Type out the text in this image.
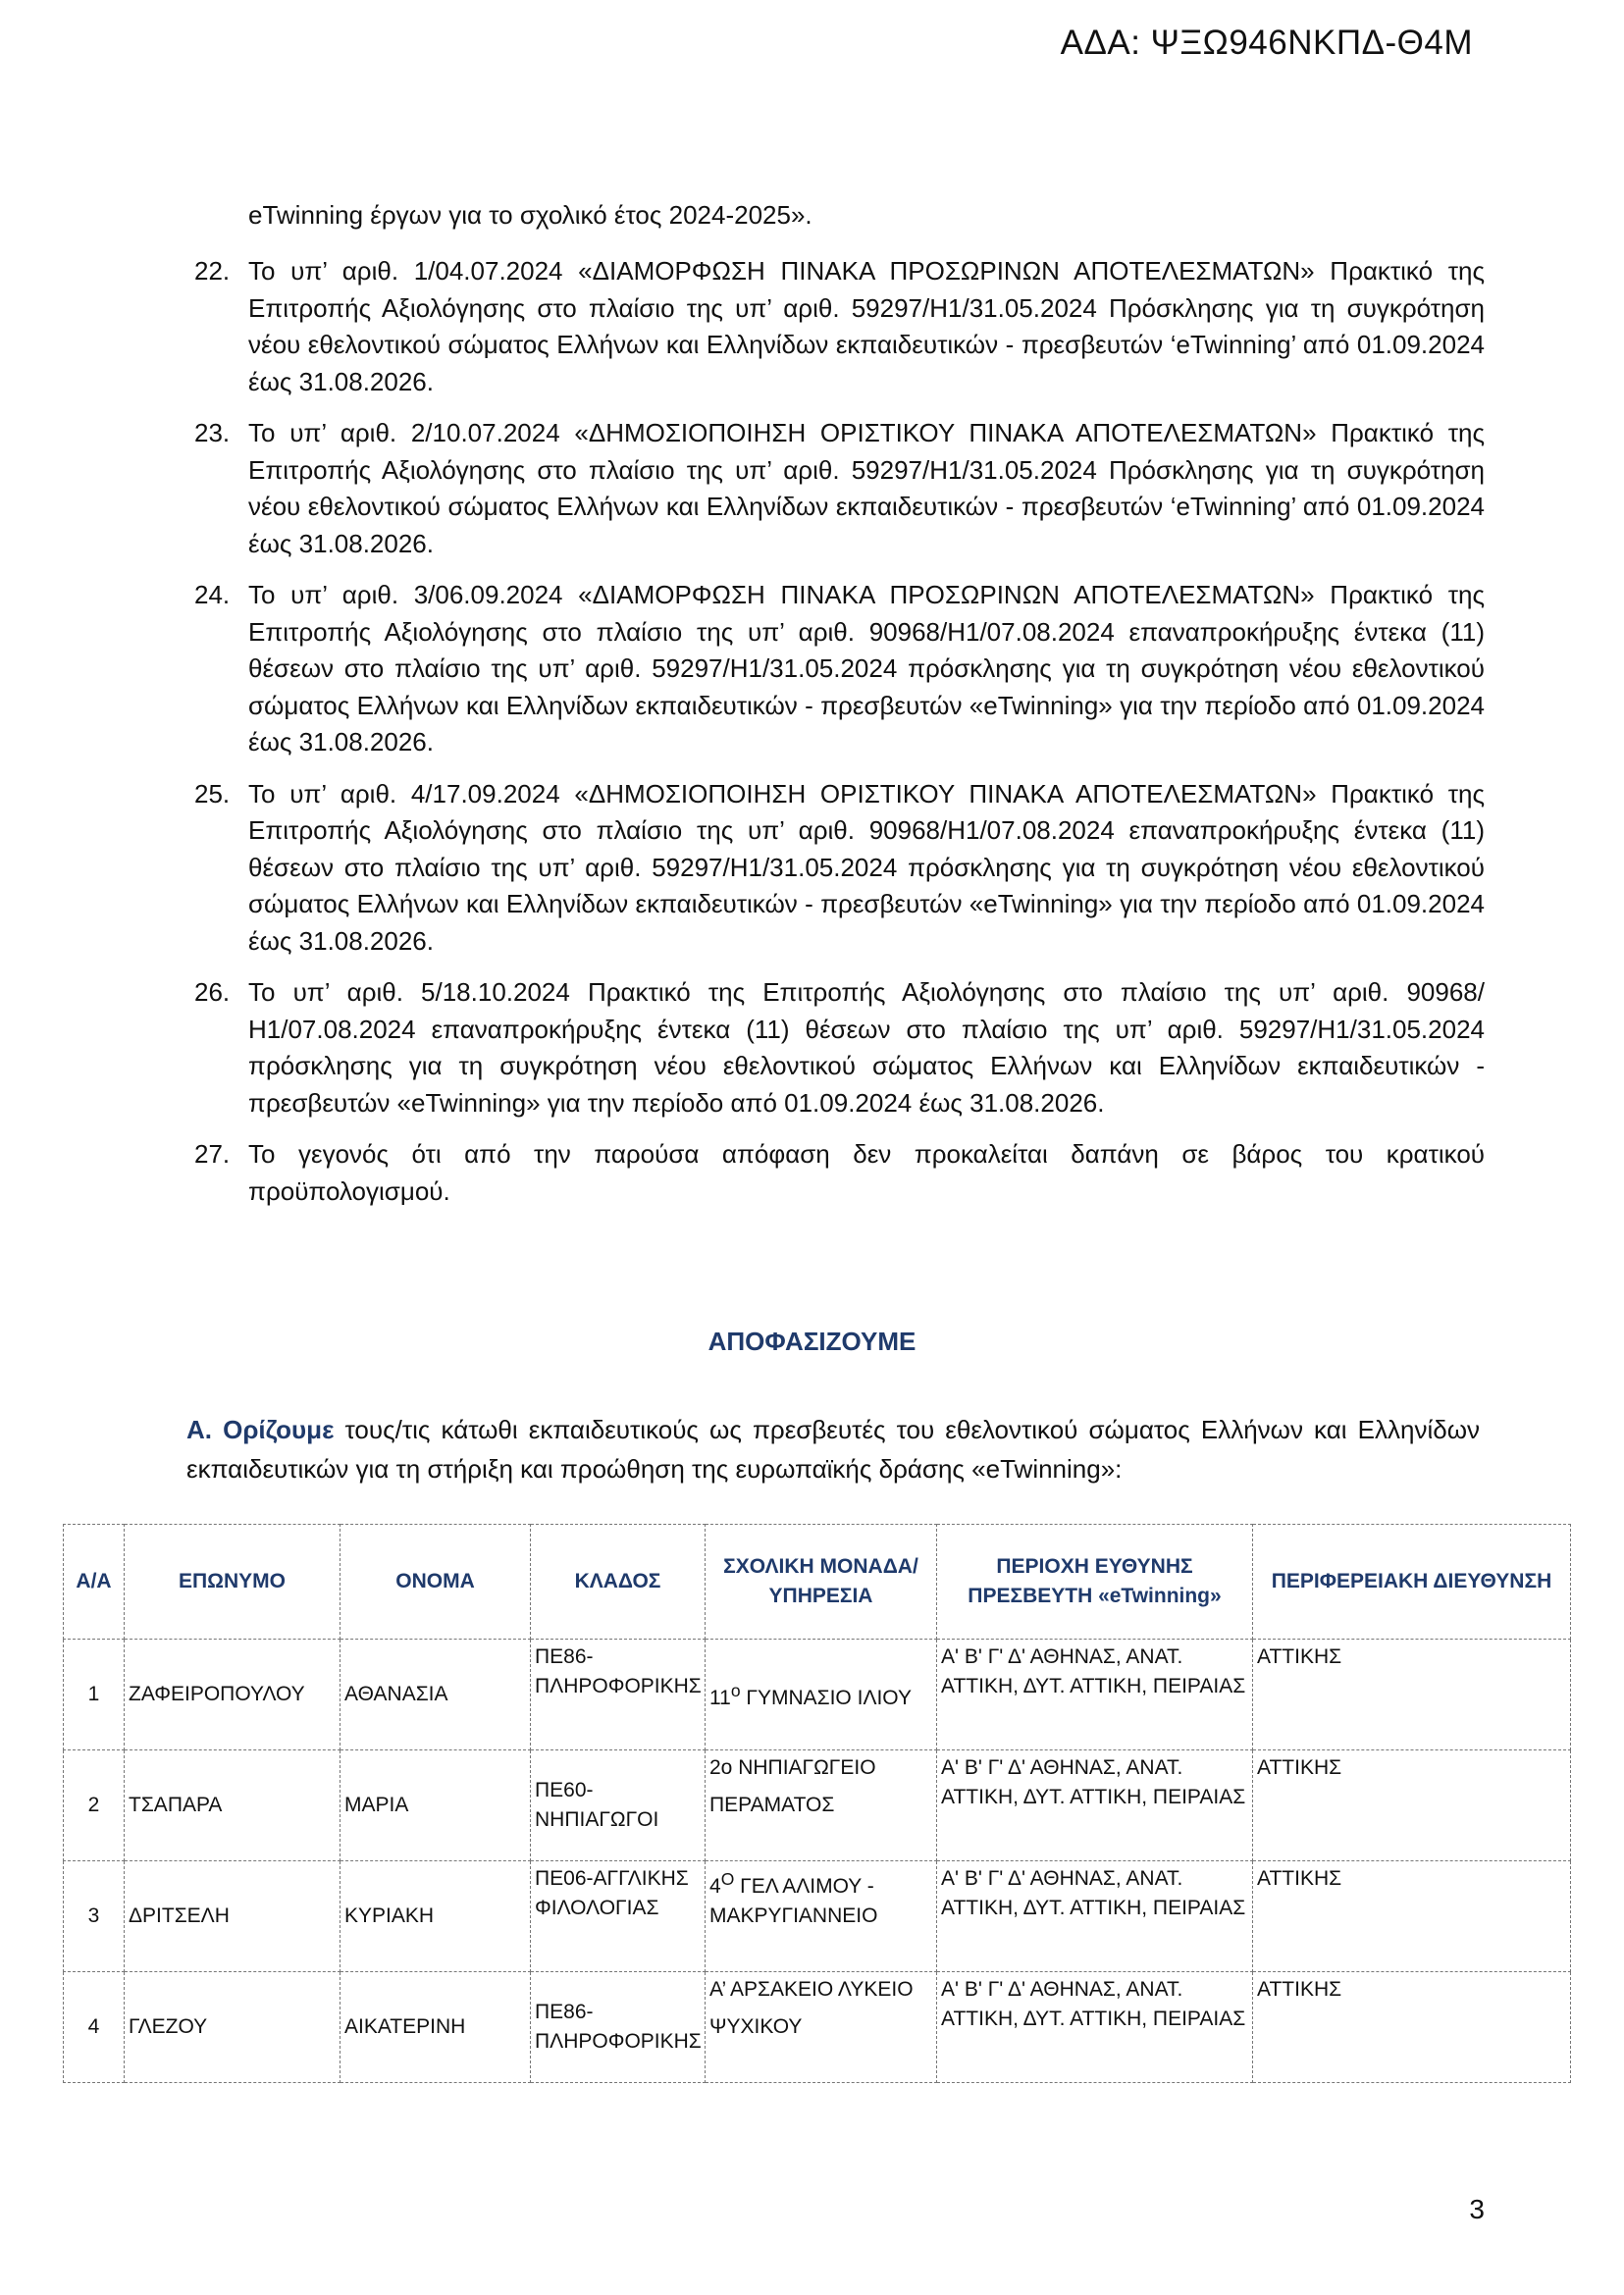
ΑΔΑ: ΨΞΩ946ΝΚΠΔ-Θ4Μ

eTwinning έργων για το σχολικό έτος 2024-2025».

22. Το υπ’ αριθ. 1/04.07.2024 «ΔΙΑΜΟΡΦΩΣΗ ΠΙΝΑΚΑ ΠΡΟΣΩΡΙΝΩΝ ΑΠΟΤΕΛΕΣΜΑΤΩΝ» Πρακτικό της Επιτροπής Αξιολόγησης στο πλαίσιο της υπ’ αριθ. 59297/Η1/31.05.2024 Πρόσκλησης για τη συγκρότηση νέου εθελοντικού σώματος Ελλήνων και Ελληνίδων εκπαιδευτικών - πρεσβευτών ‘eTwinning’ από 01.09.2024 έως 31.08.2026.
23. Το υπ’ αριθ. 2/10.07.2024 «ΔΗΜΟΣΙΟΠΟΙΗΣΗ ΟΡΙΣΤΙΚΟΥ ΠΙΝΑΚΑ ΑΠΟΤΕΛΕΣΜΑΤΩΝ» Πρακτικό της Επιτροπής Αξιολόγησης στο πλαίσιο της υπ’ αριθ. 59297/Η1/31.05.2024 Πρόσκλησης για τη συγκρότηση νέου εθελοντικού σώματος Ελλήνων και Ελληνίδων εκπαιδευτικών - πρεσβευτών ‘eTwinning’ από 01.09.2024 έως 31.08.2026.
24. Το υπ’ αριθ. 3/06.09.2024 «ΔΙΑΜΟΡΦΩΣΗ ΠΙΝΑΚΑ ΠΡΟΣΩΡΙΝΩΝ ΑΠΟΤΕΛΕΣΜΑΤΩΝ» Πρακτικό της Επιτροπής Αξιολόγησης στο πλαίσιο της υπ’ αριθ. 90968/Η1/07.08.2024 επαναπροκήρυξης έντεκα (11) θέσεων στο πλαίσιο της υπ’ αριθ. 59297/Η1/31.05.2024 πρόσκλησης για τη συγκρότηση νέου εθελοντικού σώματος Ελλήνων και Ελληνίδων εκπαιδευτικών - πρεσβευτών «eTwinning» για την περίοδο από 01.09.2024 έως 31.08.2026.
25. Το υπ’ αριθ. 4/17.09.2024 «ΔΗΜΟΣΙΟΠΟΙΗΣΗ ΟΡΙΣΤΙΚΟΥ ΠΙΝΑΚΑ ΑΠΟΤΕΛΕΣΜΑΤΩΝ» Πρακτικό της Επιτροπής Αξιολόγησης στο πλαίσιο της υπ’ αριθ. 90968/Η1/07.08.2024 επαναπροκήρυξης έντεκα (11) θέσεων στο πλαίσιο της υπ’ αριθ. 59297/Η1/31.05.2024 πρόσκλησης για τη συγκρότηση νέου εθελοντικού σώματος Ελλήνων και Ελληνίδων εκπαιδευτικών - πρεσβευτών «eTwinning» για την περίοδο από 01.09.2024 έως 31.08.2026.
26. Το υπ’ αριθ. 5/18.10.2024 Πρακτικό της Επιτροπής Αξιολόγησης στο πλαίσιο της υπ’ αριθ. 90968/Η1/07.08.2024 επαναπροκήρυξης έντεκα (11) θέσεων στο πλαίσιο της υπ’ αριθ. 59297/Η1/31.05.2024 πρόσκλησης για τη συγκρότηση νέου εθελοντικού σώματος Ελλήνων και Ελληνίδων εκπαιδευτικών - πρεσβευτών «eTwinning» για την περίοδο από 01.09.2024 έως 31.08.2026.
27. Το γεγονός ότι από την παρούσα απόφαση δεν προκαλείται δαπάνη σε βάρος του κρατικού προϋπολογισμού.
ΑΠΟΦΑΣΙΖΟΥΜΕ

Α. Ορίζουμε τους/τις κάτωθι εκπαιδευτικούς ως πρεσβευτές του εθελοντικού σώματος Ελλήνων και Ελληνίδων εκπαιδευτικών για τη στήριξη και προώθηση της ευρωπαϊκής δράσης «eTwinning»:

Α/Α	ΕΠΩΝΥΜΟ	ΟΝΟΜΑ	ΚΛΑΔΟΣ	ΣΧΟΛΙΚΗ ΜΟΝΑΔΑ/ ΥΠΗΡΕΣΙΑ	ΠΕΡΙΟΧΗ ΕΥΘΥΝΗΣ ΠΡΕΣΒΕΥΤΗ «eTwinning»	ΠΕΡΙΦΕΡΕΙΑΚΗ ΔΙΕΥΘΥΝΣΗ
1	ΖΑΦΕΙΡΟΠΟΥΛΟΥ	ΑΘΑΝΑΣΙΑ	ΠΕ86-ΠΛΗΡΟΦΟΡΙΚΗΣ	$11^o$ ΓΥΜΝΑΣΙΟ ΙΛΙΟΥ	Α' Β' Γ' Δ' ΑΘΗΝΑΣ, ΑΝΑΤ. ΑΤΤΙΚΗ, ΔΥΤ. ΑΤΤΙΚΗ, ΠΕΙΡΑΙΑΣ	ΑΤΤΙΚΗΣ
2	ΤΣΑΠΑΡΑ	ΜΑΡΙΑ	ΠΕ60-ΝΗΠΙΑΓΩΓΟΙ	2ο ΝΗΠΙΑΓΩΓΕΙΟ ΠΕΡΑΜΑΤΟΣ	Α' Β' Γ' Δ' ΑΘΗΝΑΣ, ΑΝΑΤ. ΑΤΤΙΚΗ, ΔΥΤ. ΑΤΤΙΚΗ, ΠΕΙΡΑΙΑΣ	ΑΤΤΙΚΗΣ
3	ΔΡΙΤΣΕΛΗ	ΚΥΡΙΑΚΗ	ΠΕ06-ΑΓΓΛΙΚΗΣ ΦΙΛΟΛΟΓΙΑΣ	$4^O$ ΓΕΛ ΑΛΙΜΟΥ - ΜΑΚΡΥΓΙΑΝΝΕΙΟ	Α' Β' Γ' Δ' ΑΘΗΝΑΣ, ΑΝΑΤ. ΑΤΤΙΚΗ, ΔΥΤ. ΑΤΤΙΚΗ, ΠΕΙΡΑΙΑΣ	ΑΤΤΙΚΗΣ
4	ΓΛΕΖΟΥ	ΑΙΚΑΤΕΡΙΝΗ	ΠΕ86-ΠΛΗΡΟΦΟΡΙΚΗΣ	Α’ ΑΡΣΑΚΕΙΟ ΛΥΚΕΙΟ ΨΥΧΙΚΟΥ	Α' Β' Γ' Δ' ΑΘΗΝΑΣ, ΑΝΑΤ. ΑΤΤΙΚΗ, ΔΥΤ. ΑΤΤΙΚΗ, ΠΕΙΡΑΙΑΣ	ΑΤΤΙΚΗΣ
3
